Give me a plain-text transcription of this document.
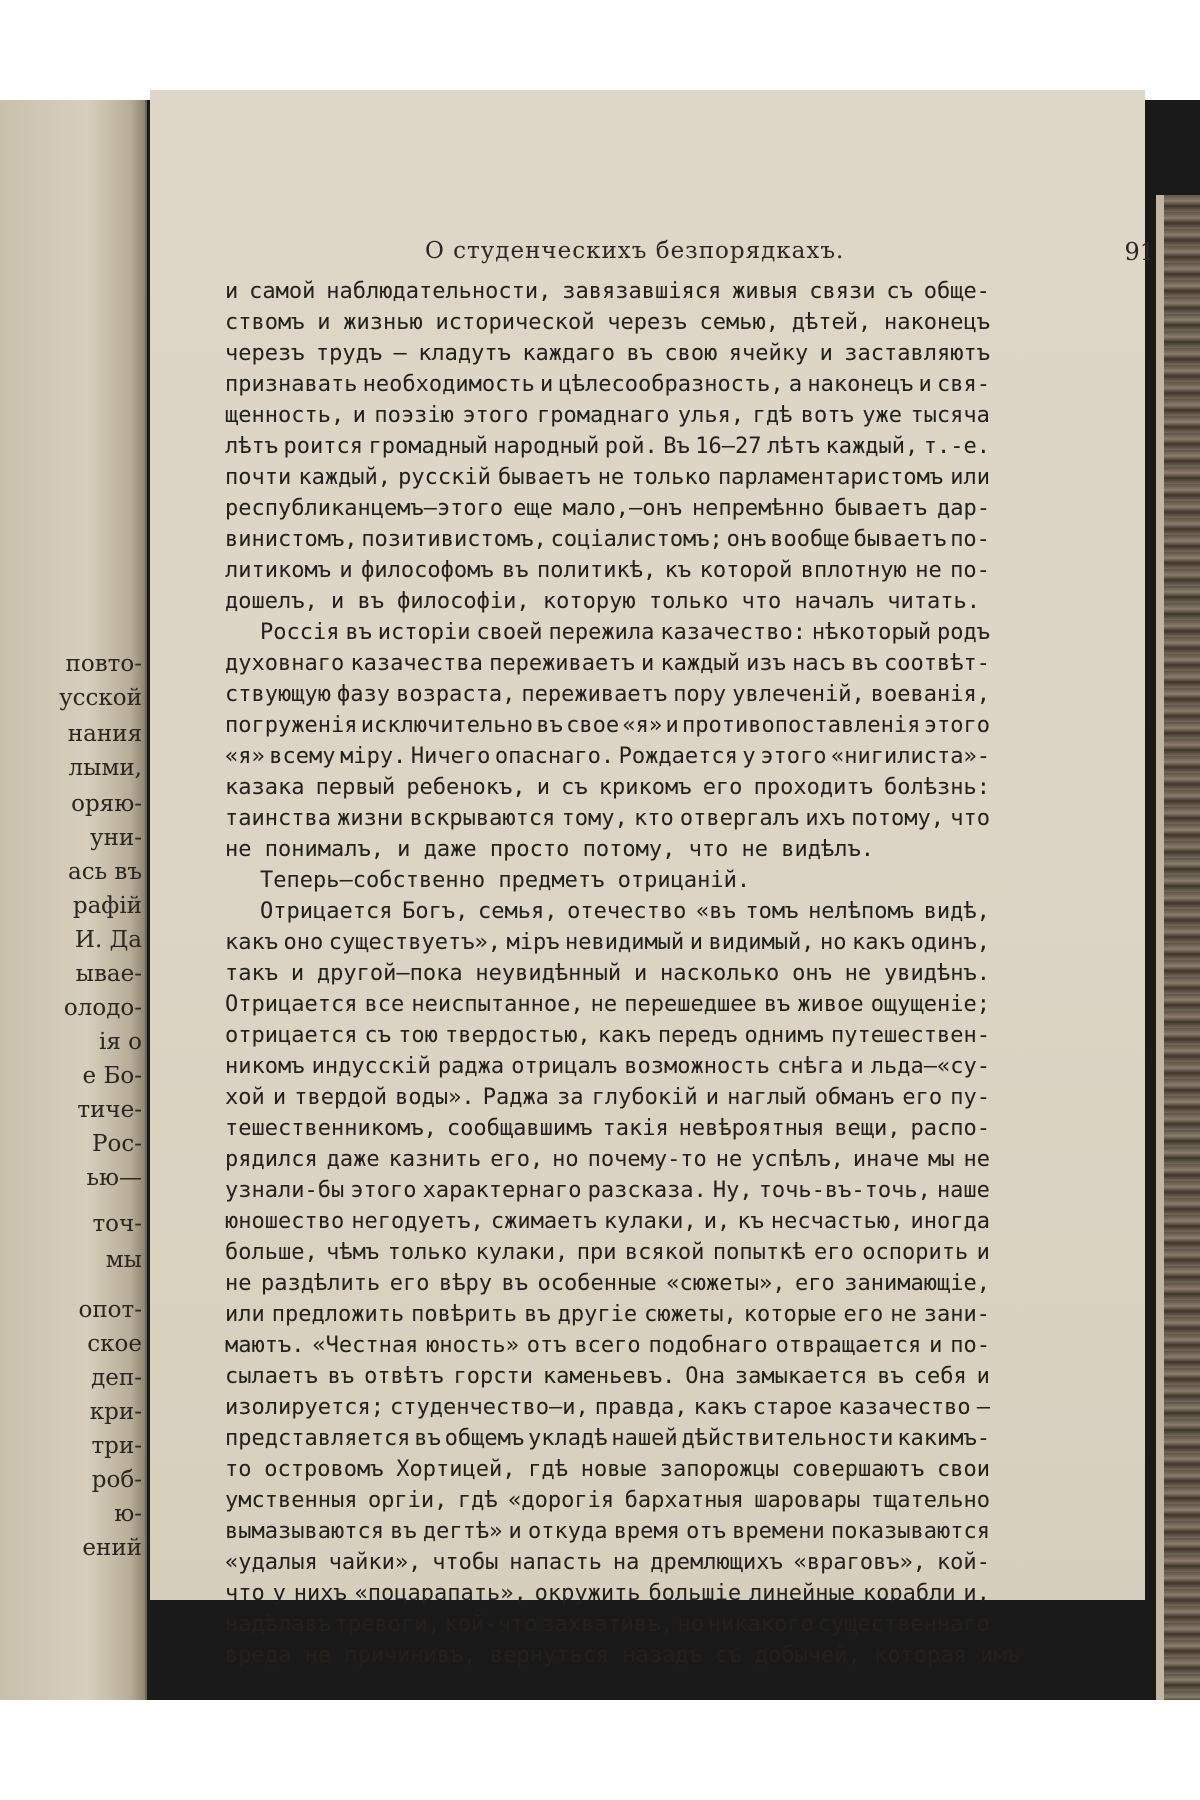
повто-
усской
нания
лыми,
оряю-
уни-
ась въ
рафій
И. Да
ывае-
олодо-
ія о
е Бо-
тиче-
Рос-
ью—
точ-
мы
опот-
ское
деп-
кри-
три-
роб-
ю-
ений
О студенческихъ безпорядкахъ.	91
и самой наблюдательности, завязавшіяся живыя связи съ обще-
ствомъ и жизнью исторической черезъ семью, дѣтей, наконецъ
черезъ трудъ — кладутъ каждаго въ свою ячейку и заставляютъ
признавать необходимость и цѣлесообразность, а наконецъ и свя-
щенность, и поэзію этого громаднаго улья, гдѣ вотъ уже тысяча
лѣтъ роится громадный народный рой. Въ 16—27 лѣтъ каждый, т.-е.
почти каждый, русскій бываетъ не только парламентаристомъ или
республиканцемъ—этого еще мало,—онъ непремѣнно бываетъ дар-
винистомъ, позитивистомъ, соціалистомъ; онъ вообще бываетъ по-
литикомъ и философомъ въ политикѣ, къ которой вплотную не по-
дошелъ, и въ философіи, которую только что началъ читать.
Россія въ исторіи своей пережила казачество: нѣкоторый родъ
духовнаго казачества переживаетъ и каждый изъ насъ въ соотвѣт-
ствующую фазу возраста, переживаетъ пору увлеченій, воеванія,
погруженія исключительно въ свое «я» и противопоставленія этого
«я» всему міру. Ничего опаснаго. Рождается у этого «нигилиста»-
казака первый ребенокъ, и съ крикомъ его проходитъ болѣзнь:
таинства жизни вскрываются тому, кто отвергалъ ихъ потому, что
не понималъ, и даже просто потому, что не видѣлъ.
Теперь—собственно предметъ отрицаній.
Отрицается Богъ, семья, отечество «въ томъ нелѣпомъ видѣ,
какъ оно существуетъ», міръ невидимый и видимый, но какъ одинъ,
такъ и другой—пока неувидѣнный и насколько онъ не увидѣнъ.
Отрицается все неиспытанное, не перешедшее въ живое ощущеніе;
отрицается съ тою твердостью, какъ передъ однимъ путешествен-
никомъ индусскій раджа отрицалъ возможность снѣга и льда—«су-
хой и твердой воды». Раджа за глубокій и наглый обманъ его пу-
тешественникомъ, сообщавшимъ такія невѣроятныя вещи, распо-
рядился даже казнить его, но почему-то не успѣлъ, иначе мы не
узнали-бы этого характернаго разсказа. Ну, точь-въ-точь, наше
юношество негодуетъ, сжимаетъ кулаки, и, къ несчастью, иногда
больше, чѣмъ только кулаки, при всякой попыткѣ его оспорить и
не раздѣлить его вѣру въ особенные «сюжеты», его занимающіе,
или предложить повѣрить въ другіе сюжеты, которые его не зани-
маютъ. «Честная юность» отъ всего подобнаго отвращается и по-
сылаетъ въ отвѣтъ горсти каменьевъ. Она замыкается въ себя и
изолируется; студенчество—и, правда, какъ старое казачество —
представляется въ общемъ укладѣ нашей дѣйствительности какимъ-
то островомъ Хортицей, гдѣ новые запорожцы совершаютъ свои
умственныя оргіи, гдѣ «дорогія бархатныя шаровары тщательно
вымазываются въ дегтѣ» и откуда время отъ времени показываются
«удалыя чайки», чтобы напасть на дремлющихъ «враговъ», кой-
что у нихъ «поцарапать», окружить большіе линейные корабли и,
надѣлавъ тревоги, кой-что захвативъ, но никакого существеннаго
вреда не причинивъ, вернуться назадъ съ добычей, которая имъ
